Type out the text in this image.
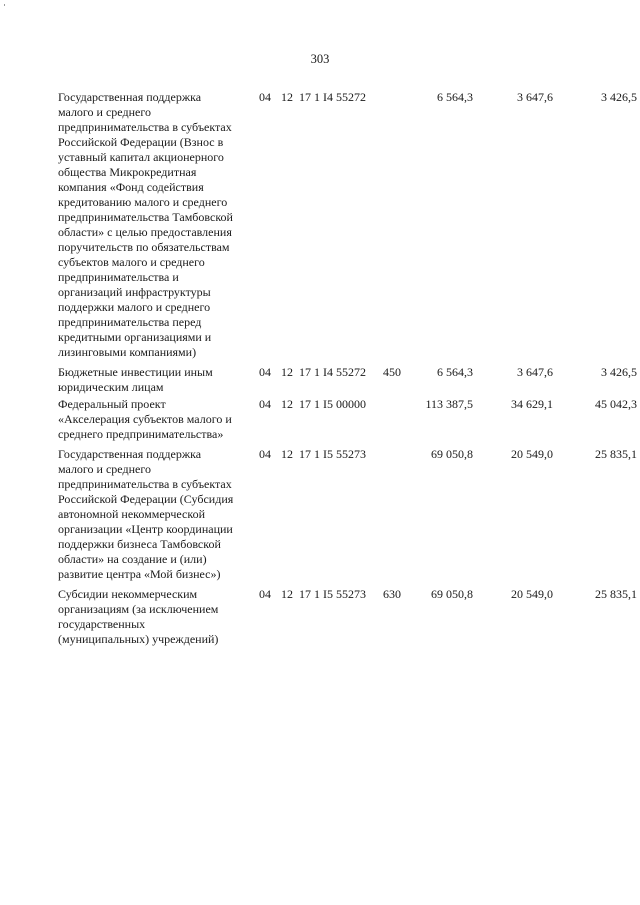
303
Государственная поддержка
малого и среднего
предпринимательства в субъектах
Российской Федерации (Взнос в
уставный капитал акционерного
общества Микрокредитная
компания «Фонд содействия
кредитованию малого и среднего
предпринимательства Тамбовской
области» с целью предоставления
поручительств по обязательствам
субъектов малого и среднего
предпринимательства и
организаций инфраструктуры
поддержки малого и среднего
предпринимательства перед
кредитными организациями и
лизинговыми компаниями)
04 12 17 1 I4 55272	6 564,3	3 647,6	3 426,5
Бюджетные инвестиции иным
юридическим лицам
04 12 17 1 I4 55272 450	6 564,3	3 647,6	3 426,5
Федеральный проект
«Акселерация субъектов малого и
среднего предпринимательства»
04 12 17 1 I5 00000	113 387,5	34 629,1	45 042,3
Государственная поддержка
малого и среднего
предпринимательства в субъектах
Российской Федерации (Субсидия
автономной некоммерческой
организации «Центр координации
поддержки бизнеса Тамбовской
области» на создание и (или)
развитие центра «Мой бизнес»)
04 12 17 1 I5 55273	69 050,8	20 549,0	25 835,1
Субсидии некоммерческим
организациям (за исключением
государственных
(муниципальных) учреждений)
04 12 17 1 I5 55273 630	69 050,8	20 549,0	25 835,1
